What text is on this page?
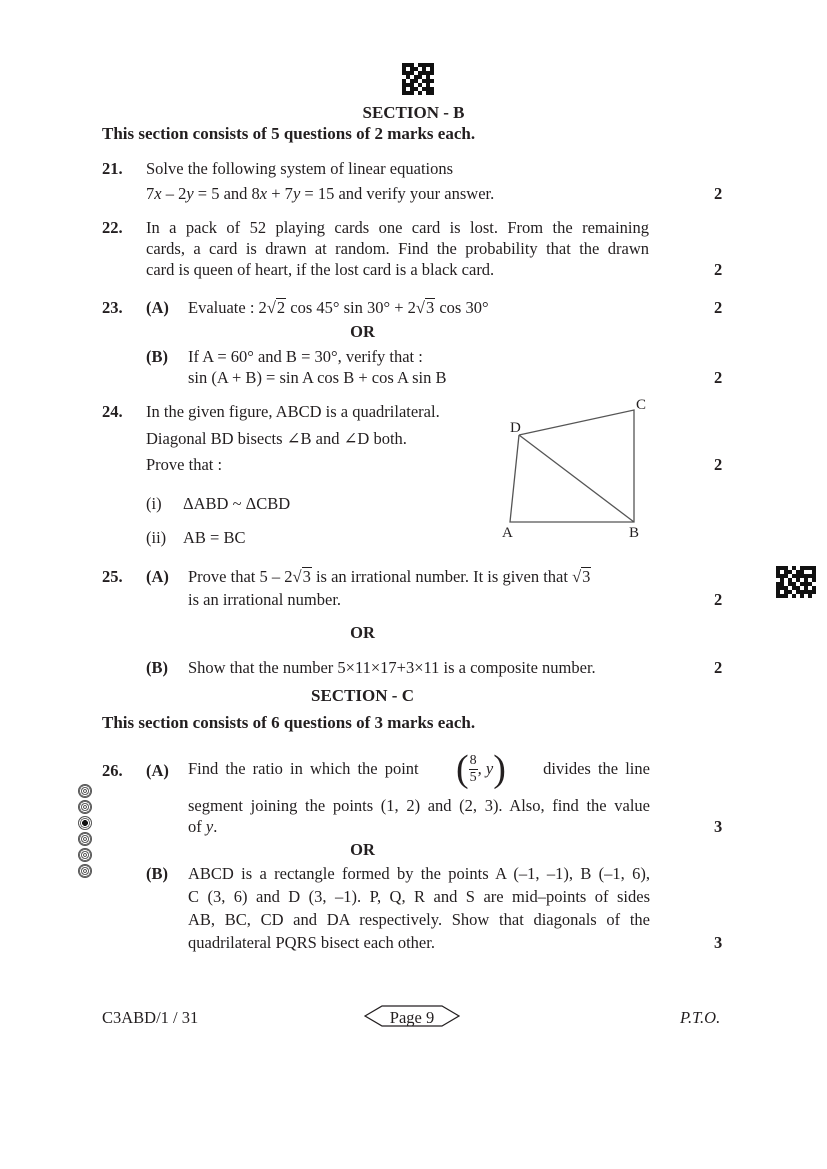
SECTION - B
This section consists of 5 questions of 2 marks each.
21. Solve the following system of linear equations
7x – 2y = 5 and 8x + 7y = 15 and verify your answer.	2
22. In a pack of 52 playing cards one card is lost. From the remaining
cards, a card is drawn at random. Find the probability that the drawn
card is queen of heart, if the lost card is a black card.	2
23. (A) Evaluate : 2√2 cos 45° sin 30° + 2√3 cos 30°	2
OR
(B) If A = 60° and B = 30°, verify that :
sin (A + B) = sin A cos B + cos A sin B	2
24. In the given figure, ABCD is a quadrilateral.
Diagonal BD bisects ∠B and ∠D both.
Prove that :
(i) ΔABD ~ ΔCBD
(ii) AB = BC
2
D
C
A	B
25. (A) Prove that 5 – 2√3 is an irrational number. It is given that √3
is an irrational number.	2
OR
(B) Show that the number 5×11×17+3×11 is a composite number.	2
SECTION - C
This section consists of 6 questions of 3 marks each.
26. (A) Find the ratio in which the point ( $\frac{8}{5}$ , y ) divides the line
segment joining the points (1, 2) and (2, 3). Also, find the value
of y.	3
OR
(B) ABCD is a rectangle formed by the points A (–1, –1), B (–1, 6),
C (3, 6) and D (3, –1). P, Q, R and S are mid–points of sides
AB, BC, CD and DA respectively. Show that diagonals of the
quadrilateral PQRS bisect each other.	3
C3ABD/1 / 31	Page 9	P.T.O.
